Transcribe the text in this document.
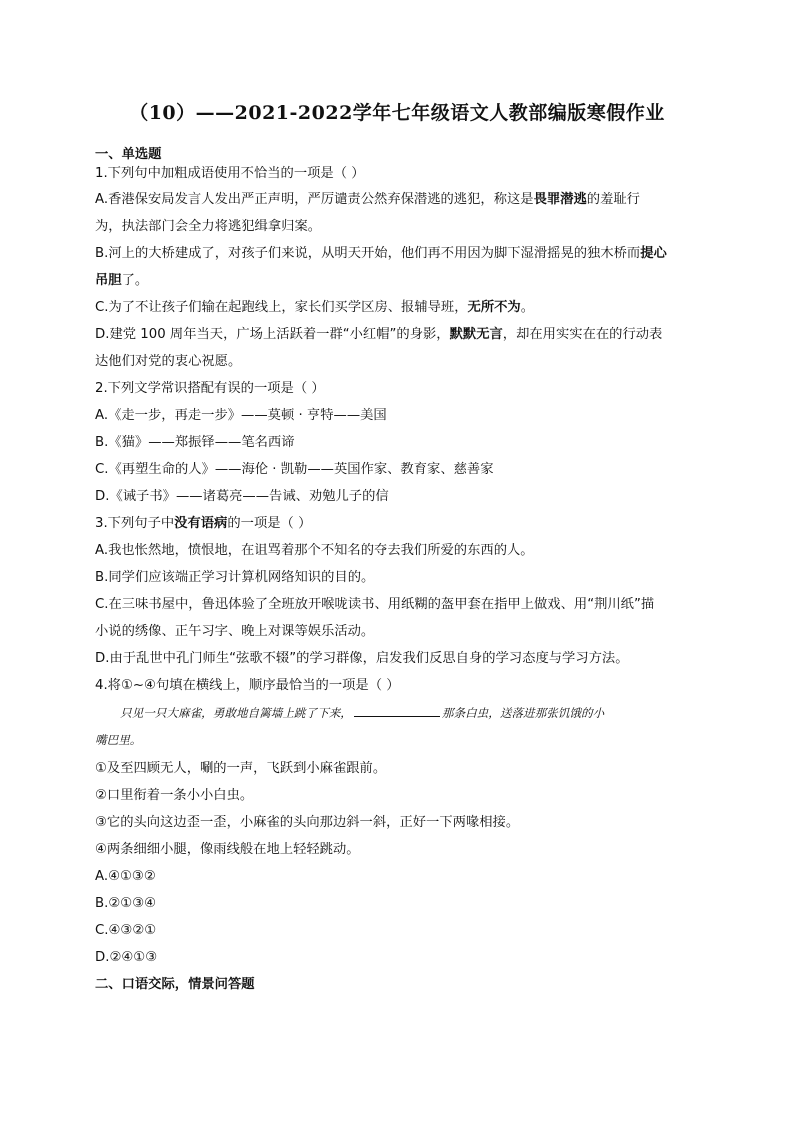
（10）——2021-2022学年七年级语文人教部编版寒假作业
一、单选题
1.下列句中加粗成语使用不恰当的一项是（ ）
A.香港保安局发言人发出严正声明，严厉谴责公然弃保潜逃的逃犯，称这是畏罪潜逃的羞耻行
为，执法部门会全力将逃犯缉拿归案。
B.河上的大桥建成了，对孩子们来说，从明天开始，他们再不用因为脚下湿滑摇晃的独木桥而提心
吊胆了。
C.为了不让孩子们输在起跑线上，家长们买学区房、报辅导班，无所不为。
D.建党 100 周年当天，广场上活跃着一群“小红帽”的身影，默默无言，却在用实实在在的行动表
达他们对党的衷心祝愿。
2.下列文学常识搭配有误的一项是（ ）
A.《走一步，再走一步》——莫顿 · 亨特——美国
B.《猫》——郑振铎——笔名西谛
C.《再塑生命的人》——海伦 · 凯勒——英国作家、教育家、慈善家
D.《诫子书》——诸葛亮——告诫、劝勉儿子的信
3.下列句子中没有语病的一项是（ ）
A.我也怅然地，愤恨地，在诅骂着那个不知名的夺去我们所爱的东西的人。
B.同学们应该端正学习计算机网络知识的目的。
C.在三味书屋中，鲁迅体验了全班放开喉咙读书、用纸糊的盔甲套在指甲上做戏、用“荆川纸”描
小说的绣像、正午习字、晚上对课等娱乐活动。
D.由于乱世中孔门师生“弦歌不辍”的学习群像，启发我们反思自身的学习态度与学习方法。
4.将①~④句填在横线上，顺序最恰当的一项是（ ）
只见一只大麻雀，勇敢地自篱墙上跳了下来，	那条白虫，送落进那张饥饿的小
嘴巴里。
①及至四顾无人，唰的一声，飞跃到小麻雀跟前。
②口里衔着一条小小白虫。
③它的头向这边歪一歪，小麻雀的头向那边斜一斜，正好一下两喙相接。
④两条细细小腿，像雨线般在地上轻轻跳动。
A.④①③②
B.②①③④
C.④③②①
D.②④①③
二、口语交际，情景问答题
